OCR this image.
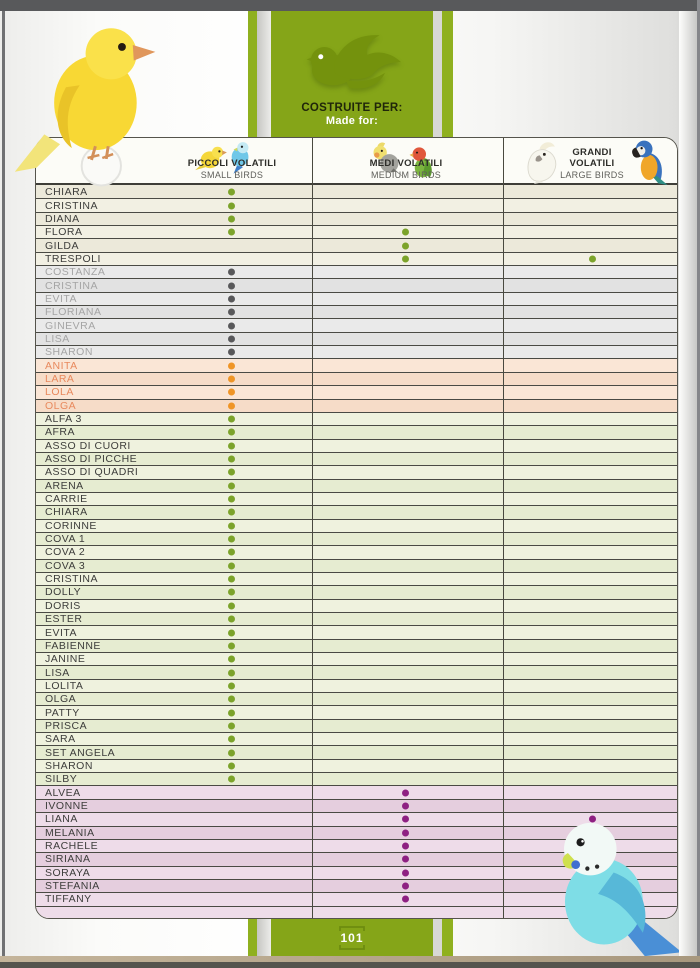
COSTRUITE PER:
Made for:
PICCOLI VOLATILI
SMALL BIRDS
MEDI VOLATILI
MEDIUM BIRDS
GRANDI VOLATILI
LARGE BIRDS
CHIARA
CRISTINA
DIANA
FLORA
GILDA
TRESPOLI
COSTANZA
CRISTINA
EVITA
FLORIANA
GINEVRA
LISA
SHARON
ANITA
LARA
LOLA
OLGA
ALFA 3
AFRA
ASSO DI CUORI
ASSO DI PICCHE
ASSO DI QUADRI
ARENA
CARRIE
CHIARA
CORINNE
COVA 1
COVA 2
COVA 3
CRISTINA
DOLLY
DORIS
ESTER
EVITA
FABIENNE
JANINE
LISA
LOLITA
OLGA
PATTY
PRISCA
SARA
SET ANGELA
SHARON
SILBY
ALVEA
IVONNE
LIANA
MELANIA
RACHELE
SIRIANA
SORAYA
STEFANIA
TIFFANY
101
